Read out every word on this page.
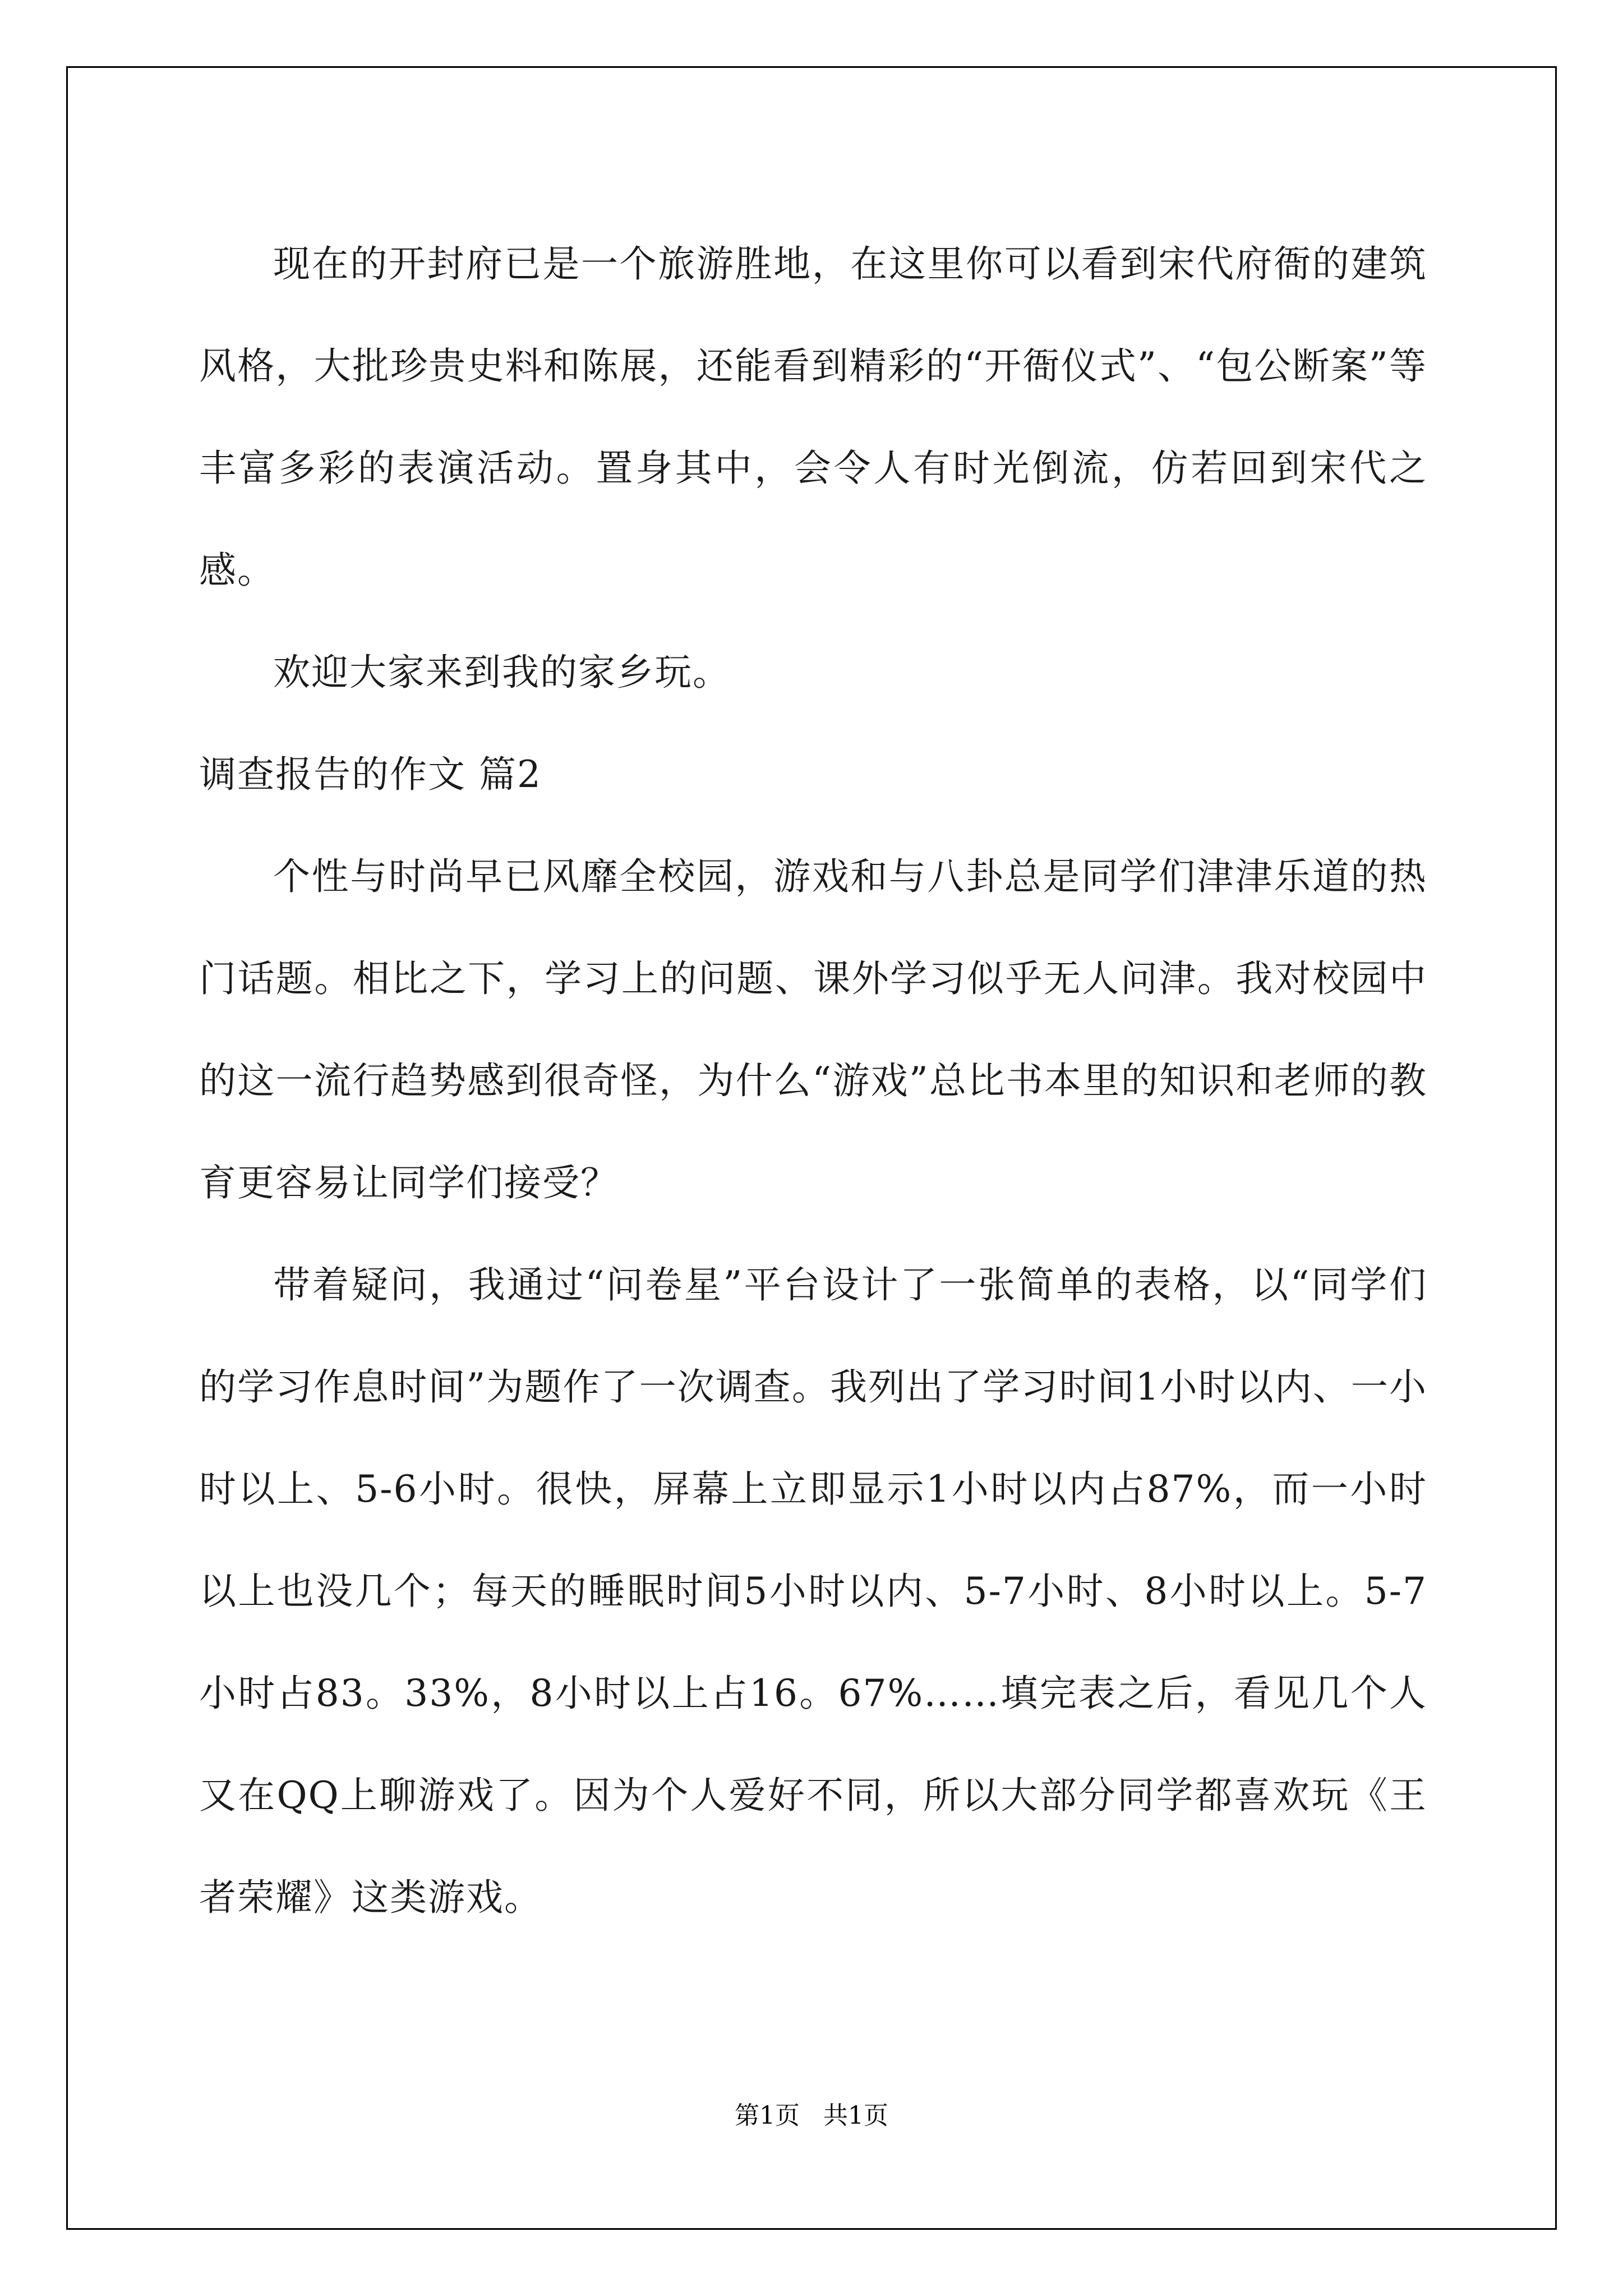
现在的开封府已是一个旅游胜地，在这里你可以看到宋代府衙的建筑风格，大批珍贵史料和陈展，还能看到精彩的“开衙仪式”、“包公断案”等丰富多彩的表演活动。置身其中，会令人有时光倒流，仿若回到宋代之感。

欢迎大家来到我的家乡玩。

调查报告的作文 篇2

个性与时尚早已风靡全校园，游戏和与八卦总是同学们津津乐道的热门话题。相比之下，学习上的问题、课外学习似乎无人问津。我对校园中的这一流行趋势感到很奇怪，为什么“游戏”总比书本里的知识和老师的教育更容易让同学们接受？

带着疑问，我通过“问卷星”平台设计了一张简单的表格，以“同学们的学习作息时间”为题作了一次调查。我列出了学习时间1小时以内、一小时以上、5-6小时。很快，屏幕上立即显示1小时以内占87%，而一小时以上也没几个；每天的睡眠时间5小时以内、5-7小时、8小时以上。5-7小时占83。33%，8小时以上占16。67%……填完表之后，看见几个人又在QQ上聊游戏了。因为个人爱好不同，所以大部分同学都喜欢玩《王者荣耀》这类游戏。

第1页   共1页
